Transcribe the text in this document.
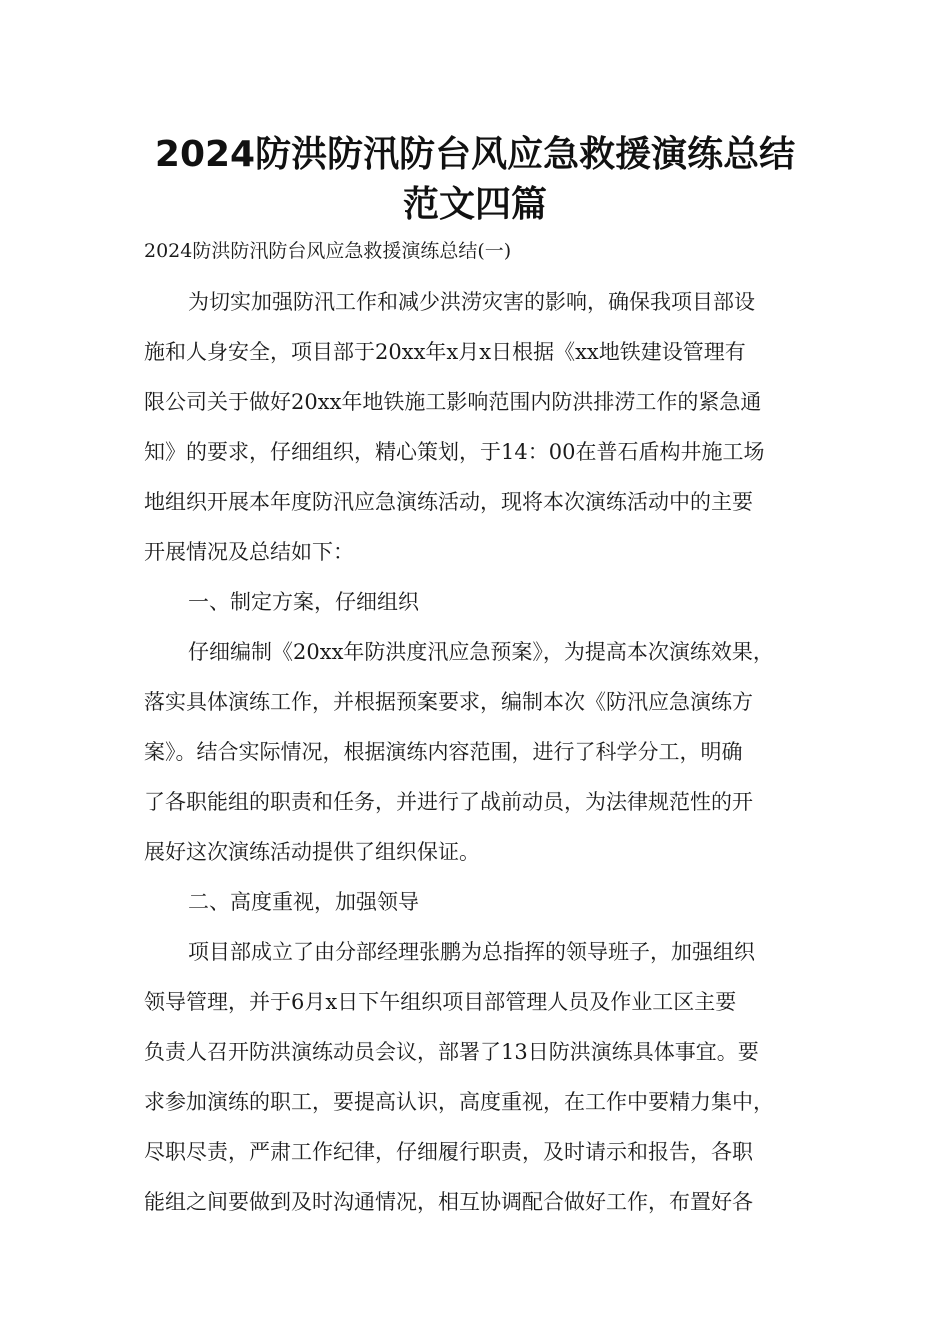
2024防洪防汛防台风应急救援演练总结
范文四篇
2024防洪防汛防台风应急救援演练总结(一)
为切实加强防汛工作和减少洪涝灾害的影响，确保我项目部设
施和人身安全，项目部于20xx年x月x日根据《xx地铁建设管理有
限公司关于做好20xx年地铁施工影响范围内防洪排涝工作的紧急通
知》的要求，仔细组织，精心策划，于14：00在普石盾构井施工场
地组织开展本年度防汛应急演练活动，现将本次演练活动中的主要
开展情况及总结如下：
一、制定方案，仔细组织
仔细编制《20xx年防洪度汛应急预案》，为提高本次演练效果，
落实具体演练工作，并根据预案要求，编制本次《防汛应急演练方
案》。结合实际情况，根据演练内容范围，进行了科学分工，明确
了各职能组的职责和任务，并进行了战前动员，为法律规范性的开
展好这次演练活动提供了组织保证。
二、高度重视，加强领导
项目部成立了由分部经理张鹏为总指挥的领导班子，加强组织
领导管理，并于6月x日下午组织项目部管理人员及作业工区主要
负责人召开防洪演练动员会议，部署了13日防洪演练具体事宜。要
求参加演练的职工，要提高认识，高度重视，在工作中要精力集中，
尽职尽责，严肃工作纪律，仔细履行职责，及时请示和报告，各职
能组之间要做到及时沟通情况，相互协调配合做好工作，布置好各
